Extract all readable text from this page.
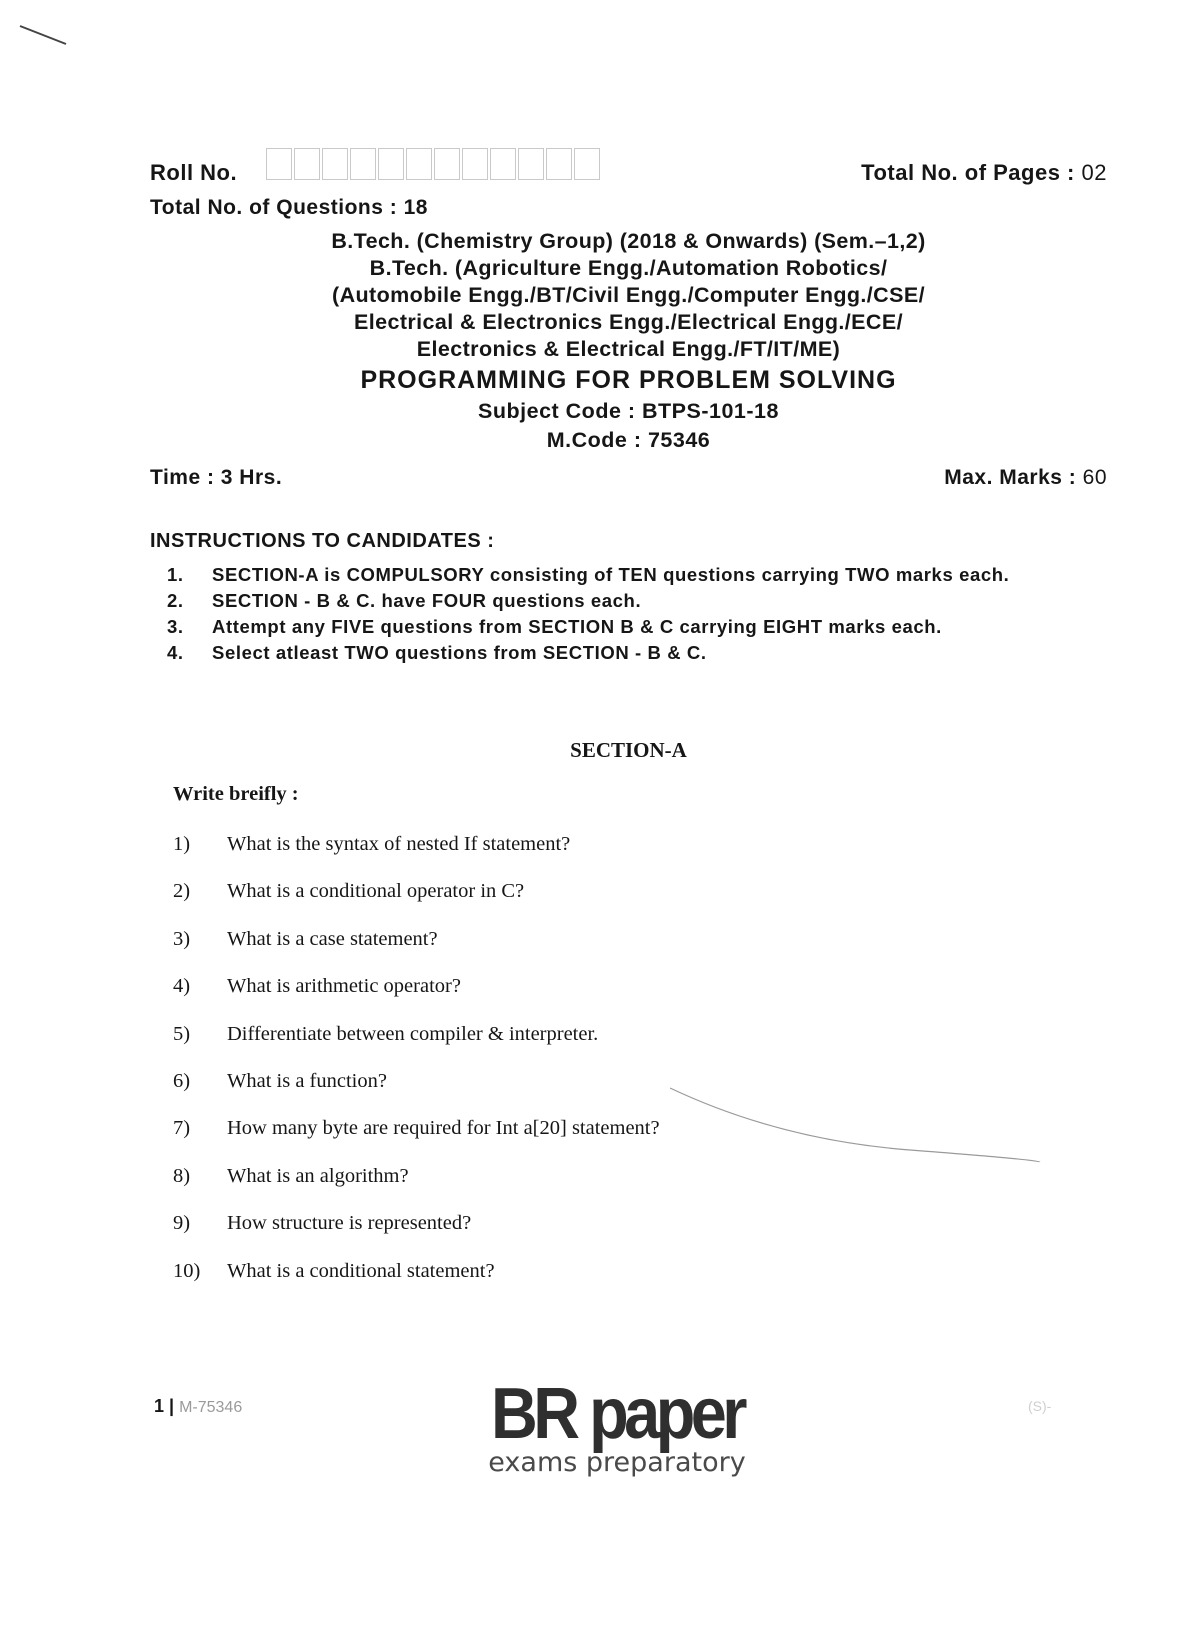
Roll No.	Total No. of Pages : 02
Total No. of Questions : 18
B.Tech. (Chemistry Group) (2018 & Onwards) (Sem.–1,2)
B.Tech. (Agriculture Engg./Automation Robotics/
(Automobile Engg./BT/Civil Engg./Computer Engg./CSE/
Electrical & Electronics Engg./Electrical Engg./ECE/
Electronics & Electrical Engg./FT/IT/ME)
PROGRAMMING FOR PROBLEM SOLVING
Subject Code : BTPS-101-18
M.Code : 75346
Time : 3 Hrs.	Max. Marks : 60
INSTRUCTIONS TO CANDIDATES :
1. SECTION-A is COMPULSORY consisting of TEN questions carrying TWO marks each.
2. SECTION - B & C. have FOUR questions each.
3. Attempt any FIVE questions from SECTION B & C carrying EIGHT marks each.
4. Select atleast TWO questions from SECTION - B & C.
SECTION-A
Write breifly :
1) What is the syntax of nested If statement?
2) What is a conditional operator in C?
3) What is a case statement?
4) What is arithmetic operator?
5) Differentiate between compiler & interpreter.
6) What is a function?
7) How many byte are required for Int a[20] statement?
8) What is an algorithm?
9) How structure is represented?
10) What is a conditional statement?
1 | M-75346	(S)-
BR paper
exams preparatory
